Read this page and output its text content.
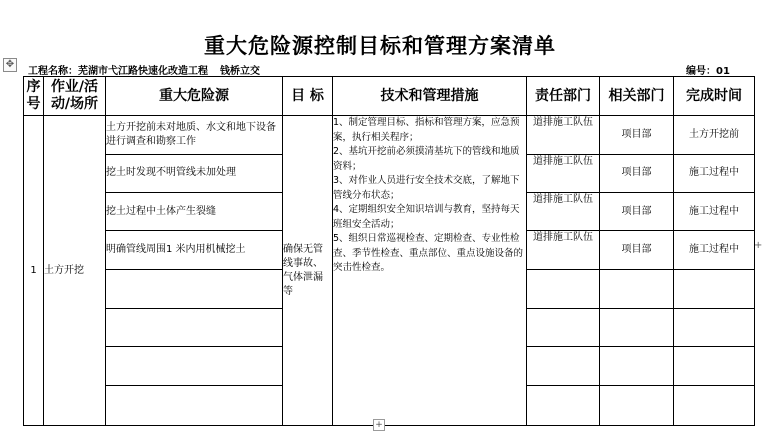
重大危险源控制目标和管理方案清单
✥
工程名称：芜湖市弋江路快速化改造工程 钱桥立交	编号：01
序号	作业/活动/场所	重大危险源	目 标	技术和管理措施	责任部门	相关部门	完成时间
1	土方开挖	土方开挖前未对地质、水文和地下设备进行调查和勘察工作	确保无管线事故、气体泄漏等	1、制定管理目标、指标和管理方案，应急预案，执行相关程序；
2、基坑开挖前必须摸清基坑下的管线和地质资料；
3、对作业人员进行安全技术交底，了解地下管线分布状态；
4、定期组织安全知识培训与教育，坚持每天班组安全活动；
5、组织日常巡视检查、定期检查、专业性检查、季节性检查、重点部位、重点设施设备的突击性检查。	道排施工队伍	项目部	土方开挖前
		挖土时发现不明管线未加处理			道排施工队伍	项目部	施工过程中
		挖土过程中土体产生裂缝			道排施工队伍	项目部	施工过程中
		明确管线周围1 米内用机械挖土			道排施工队伍	项目部	施工过程中

+
+
